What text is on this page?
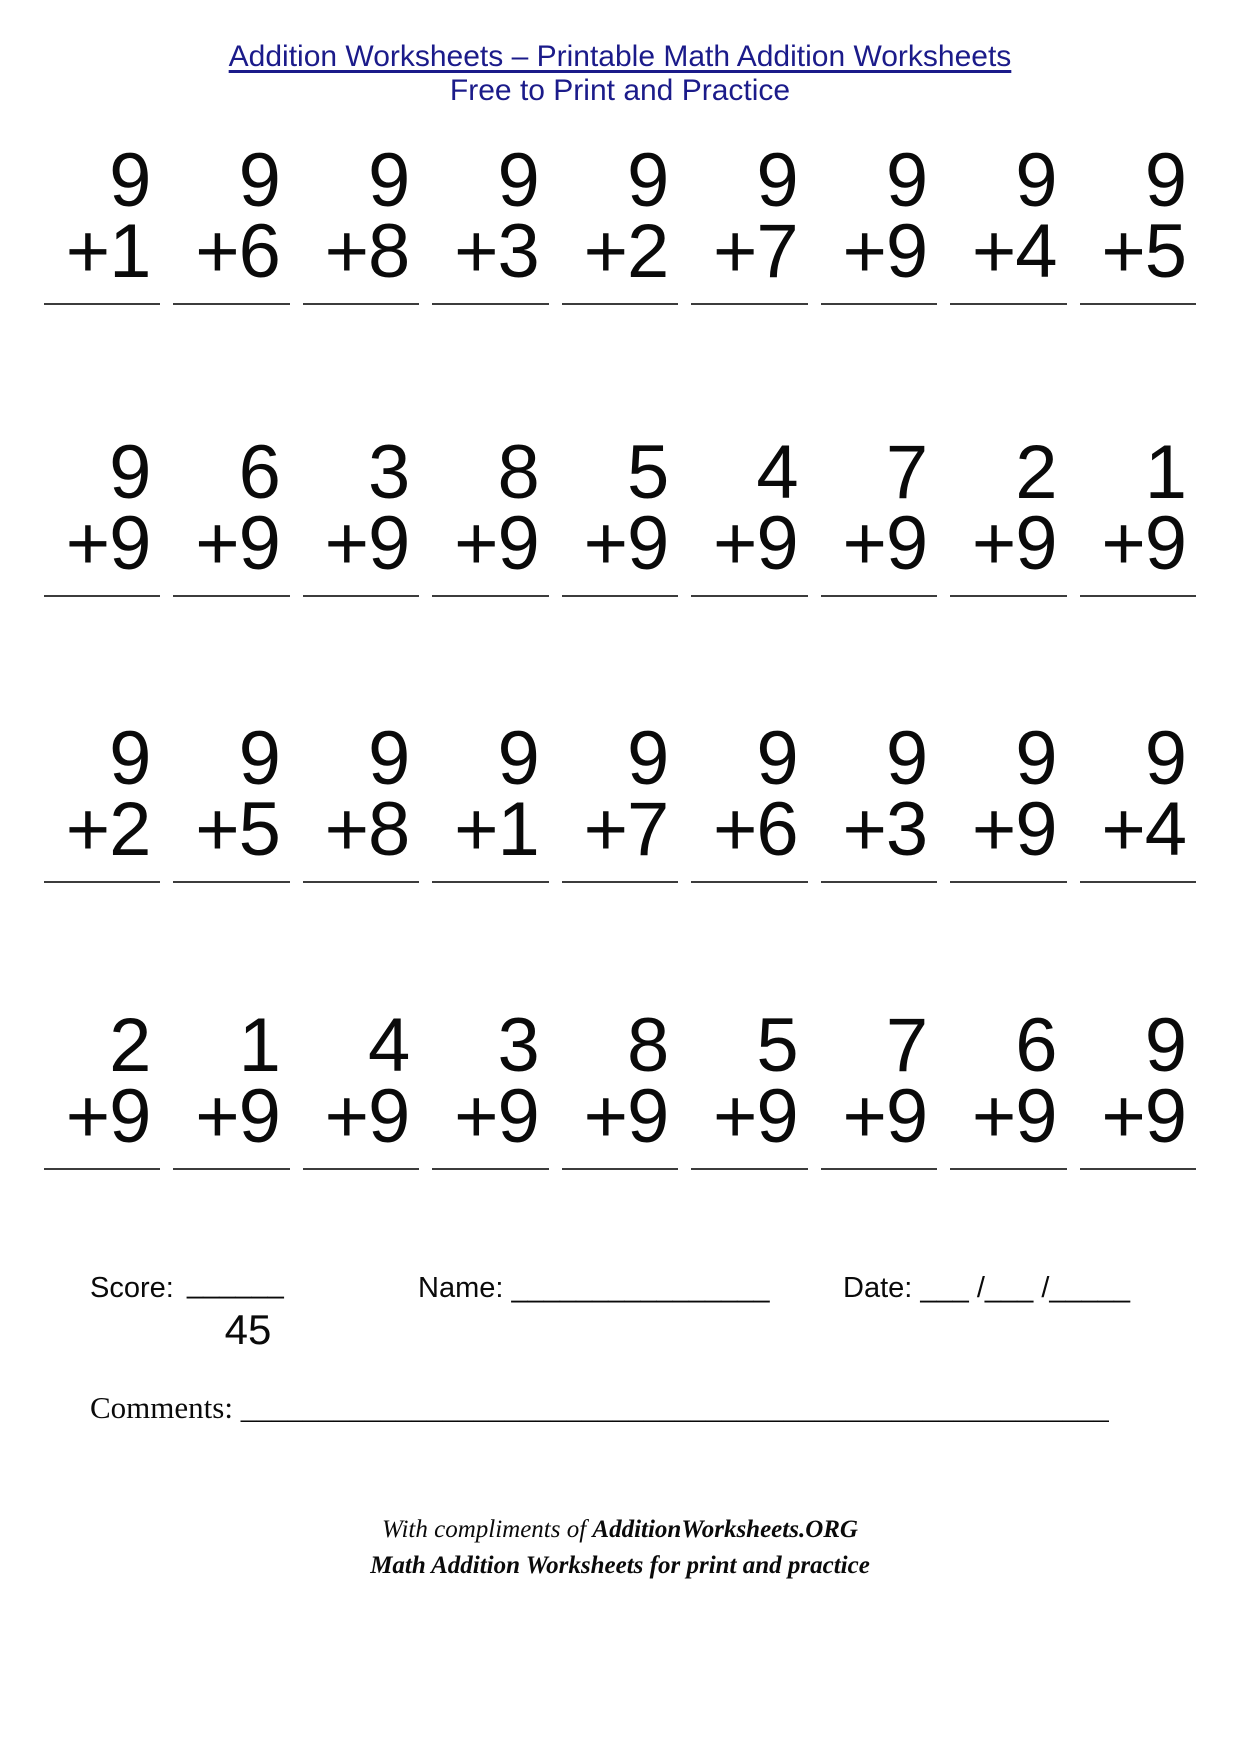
Addition Worksheets – Printable Math Addition Worksheets
Free to Print and Practice
9
+1
9
+6
9
+8
9
+3
9
+2
9
+7
9
+9
9
+4
9
+5
9
+9
6
+9
3
+9
8
+9
5
+9
4
+9
7
+9
2
+9
1
+9
9
+2
9
+5
9
+8
9
+1
9
+7
9
+6
9
+3
9
+9
9
+4
2
+9
1
+9
4
+9
3
+9
8
+9
5
+9
7
+9
6
+9
9
+9
Score: ______
45
Name: ________________	Date: ___ /___ /_____
Comments: ________________________________________________________
With compliments of AdditionWorksheets.ORG
Math Addition Worksheets for print and practice
